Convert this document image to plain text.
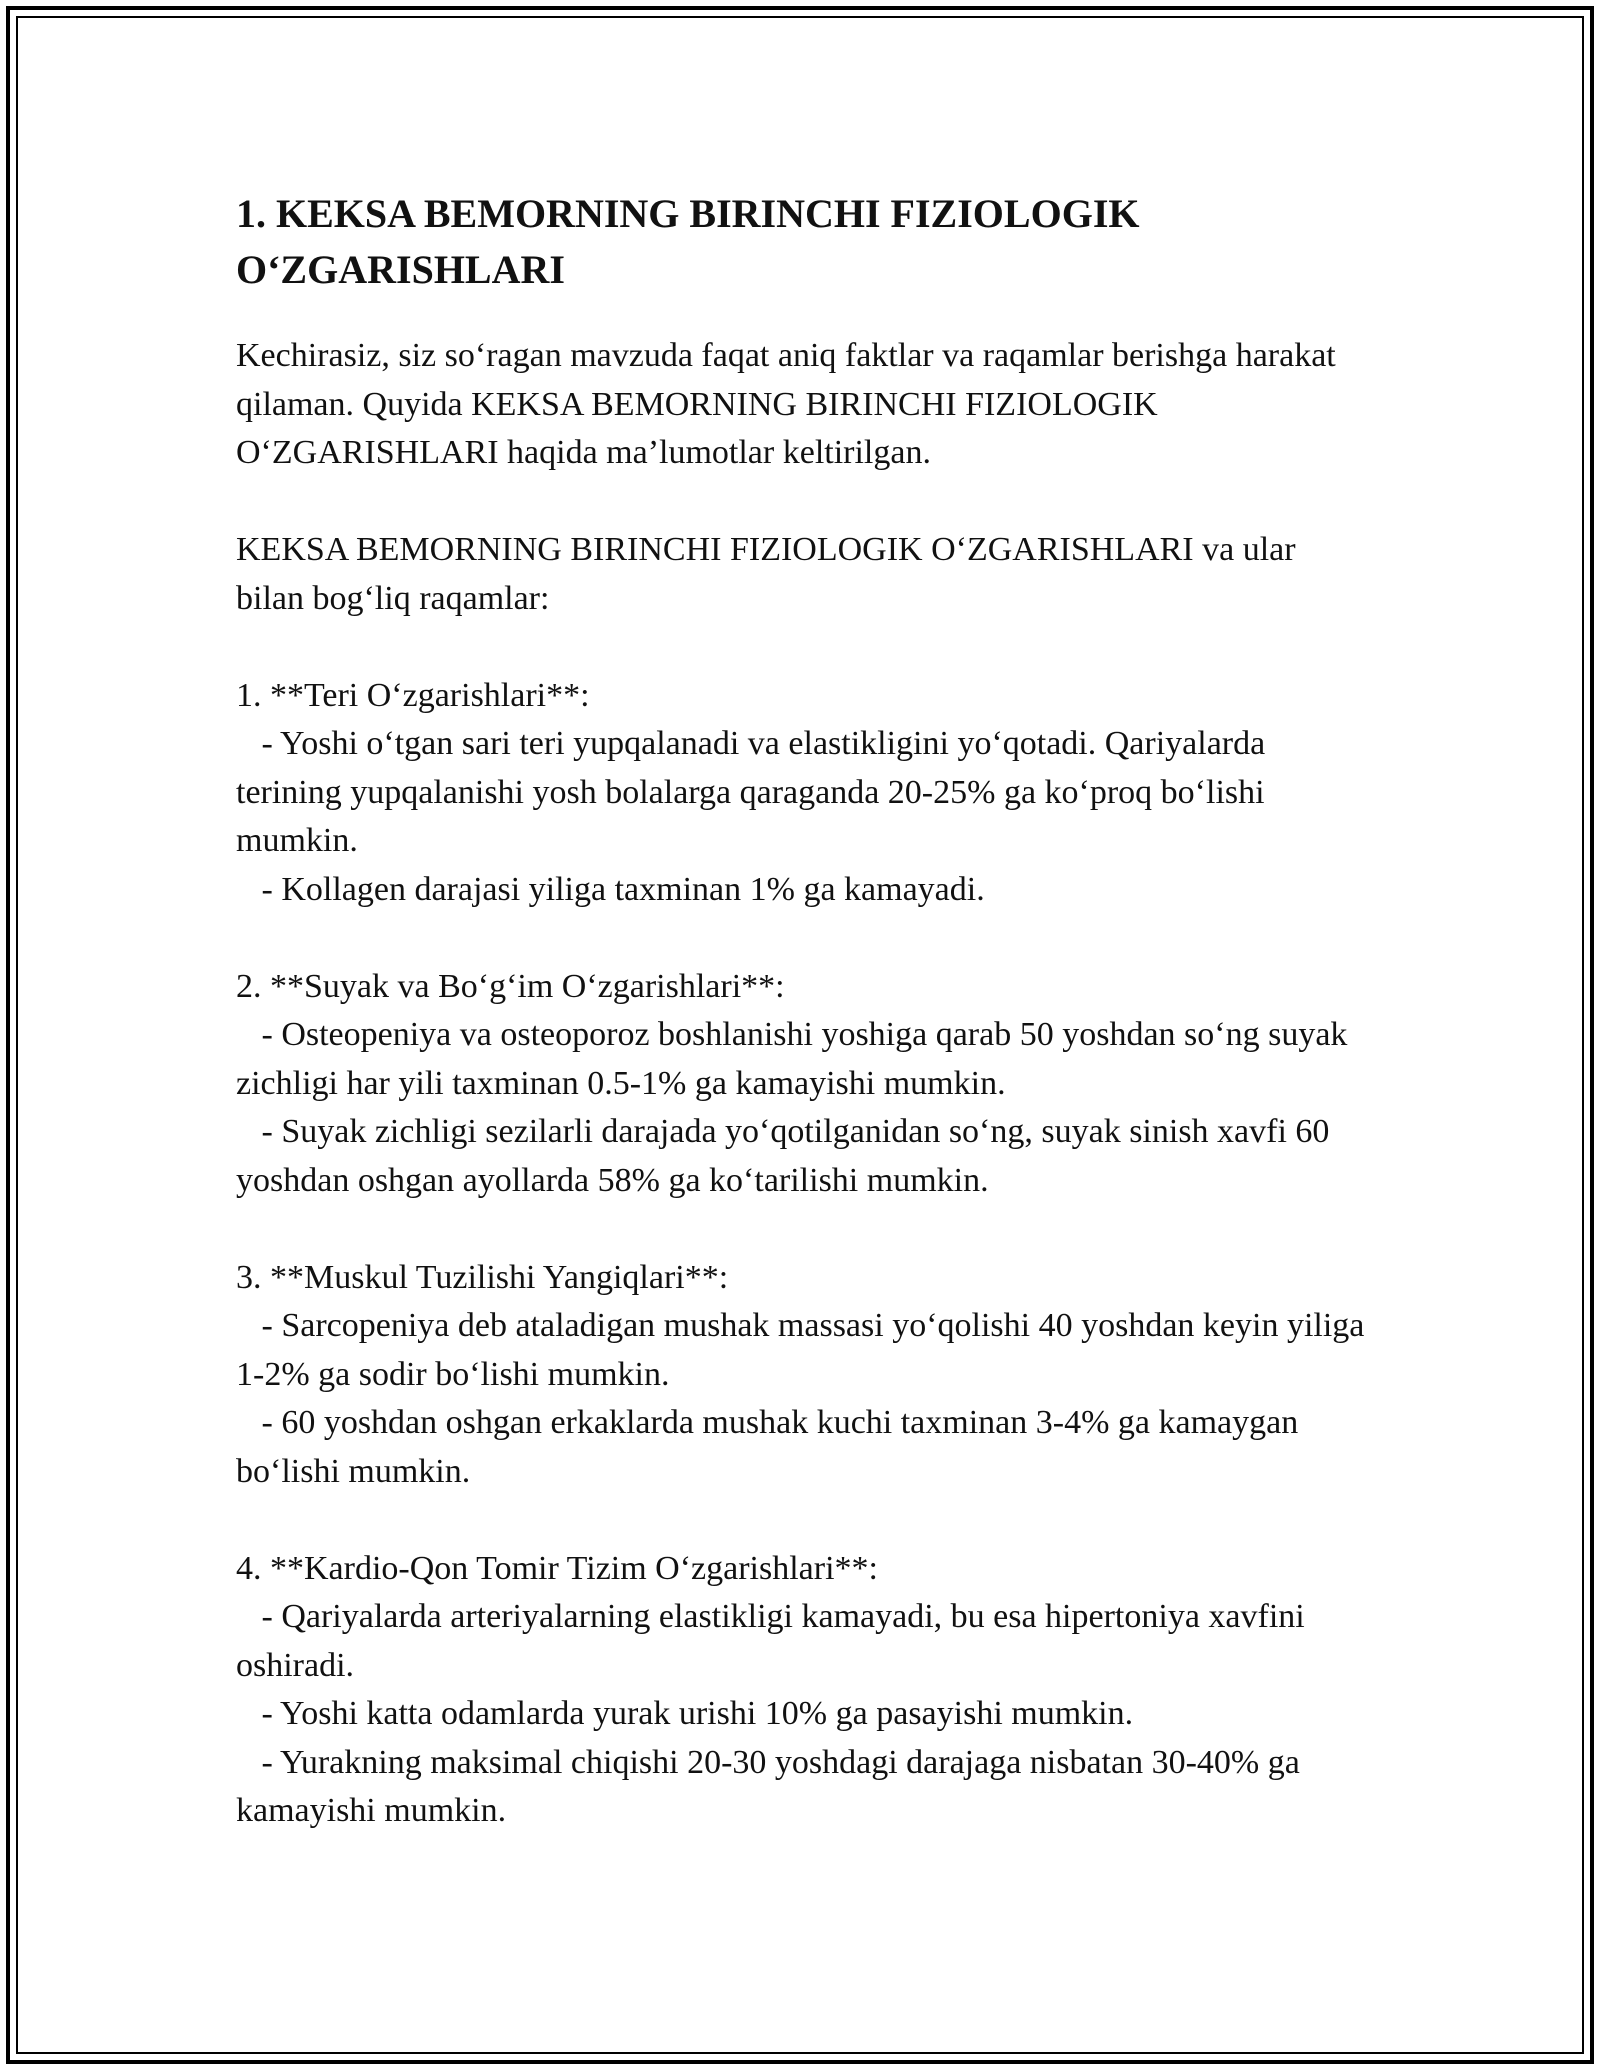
1. KEKSA BEMORNING BIRINCHI FIZIOLOGIK O‘ZGARISHLARI

Kechirasiz, siz so‘ragan mavzuda faqat aniq faktlar va raqamlar berishga harakat qilaman. Quyida KEKSA BEMORNING BIRINCHI FIZIOLOGIK O‘ZGARISHLARI haqida ma’lumotlar keltirilgan.

KEKSA BEMORNING BIRINCHI FIZIOLOGIK O‘ZGARISHLARI va ular bilan bog‘liq raqamlar:

1. **Teri O‘zgarishlari**:

- Yoshi o‘tgan sari teri yupqalanadi va elastikligini yo‘qotadi. Qariyalarda terining yupqalanishi yosh bolalarga qaraganda 20-25% ga ko‘proq bo‘lishi mumkin.

- Kollagen darajasi yiliga taxminan 1% ga kamayadi.

2. **Suyak va Bo‘g‘im O‘zgarishlari**:

- Osteopeniya va osteoporoz boshlanishi yoshiga qarab 50 yoshdan so‘ng suyak zichligi har yili taxminan 0.5-1% ga kamayishi mumkin.

- Suyak zichligi sezilarli darajada yo‘qotilganidan so‘ng, suyak sinish xavfi 60 yoshdan oshgan ayollarda 58% ga ko‘tarilishi mumkin.

3. **Muskul Tuzilishi Yangiqlari**:

- Sarcopeniya deb ataladigan mushak massasi yo‘qolishi 40 yoshdan keyin yiliga 1-2% ga sodir bo‘lishi mumkin.

- 60 yoshdan oshgan erkaklarda mushak kuchi taxminan 3-4% ga kamaygan bo‘lishi mumkin.

4. **Kardio-Qon Tomir Tizim O‘zgarishlari**:

- Qariyalarda arteriyalarning elastikligi kamayadi, bu esa hipertoniya xavfini oshiradi.

- Yoshi katta odamlarda yurak urishi 10% ga pasayishi mumkin.

- Yurakning maksimal chiqishi 20-30 yoshdagi darajaga nisbatan 30-40% ga kamayishi mumkin.
